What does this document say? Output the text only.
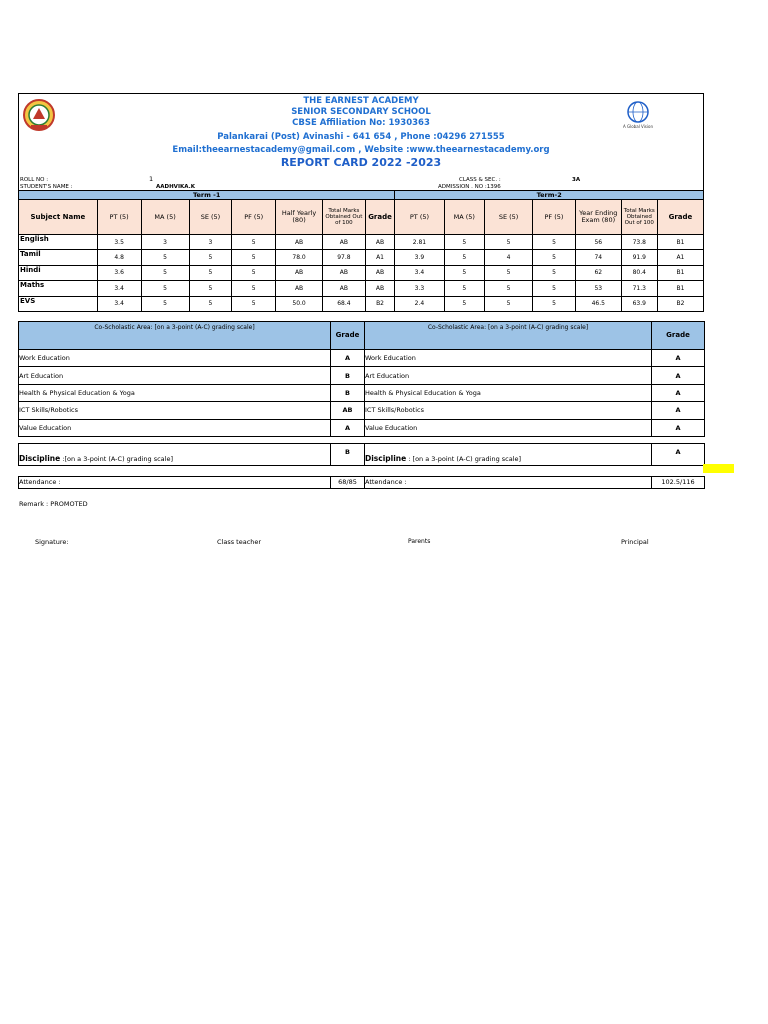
THE EARNEST ACADEMY
SENIOR SECONDARY SCHOOL
CBSE Affiliation No: 1930363
Palankarai (Post) Avinashi - 641 654 , Phone :04296 271555
Email:theearnestacademy@gmail.com , Website :www.theearnestacademy.org
REPORT CARD 2022 -2023
A Global Vision
ROLL NO :	1	CLASS & SEC. :	3A
STUDENT'S NAME :	AADHVIKA.K	ADMISSION . NO :1396
Term -1								Term-2						
Subject Name	PT (5)	MA (5)	SE (5)	PF (5)	Half Yearly (80)	Total Marks Obtained Out of 100	Grade	PT (5)	MA (5)	SE (5)	PF (5)	Year Ending Exam (80)	Total Marks Obtained Out of 100	Grade
English	3.5	3	3	5	AB	AB	AB	2.81	5	5	5	56	73.8	B1
Tamil	4.8	5	5	5	78.0	97.8	A1	3.9	5	4	5	74	91.9	A1
Hindi	3.6	5	5	5	AB	AB	AB	3.4	5	5	5	62	80.4	B1
Maths	3.4	5	5	5	AB	AB	AB	3.3	5	5	5	53	71.3	B1
EVS	3.4	5	5	5	50.0	68.4	B2	2.4	5	5	5	46.5	63.9	B2
Co-Scholastic Area: [on a 3-point (A-C) grading scale]	Grade	Co-Scholastic Area: [on a 3-point (A-C) grading scale]	Grade
Work Education	A	Work Education	A
Art Education	B	Art Education	A
Health & Physical Education & Yoga	B	Health & Physical Education & Yoga	A
ICT Skills/Robotics	AB	ICT Skills/Robotics	A
Value Education	A	Value Education	A
Discipline :[on a 3-point (A-C) grading scale]	B	Discipline : [on a 3-point (A-C) grading scale]	A
Attendance :	68/85	Attendance :	102.5/116
Remark : PROMOTED
Signature:	Class teacher	Parents	Principal
